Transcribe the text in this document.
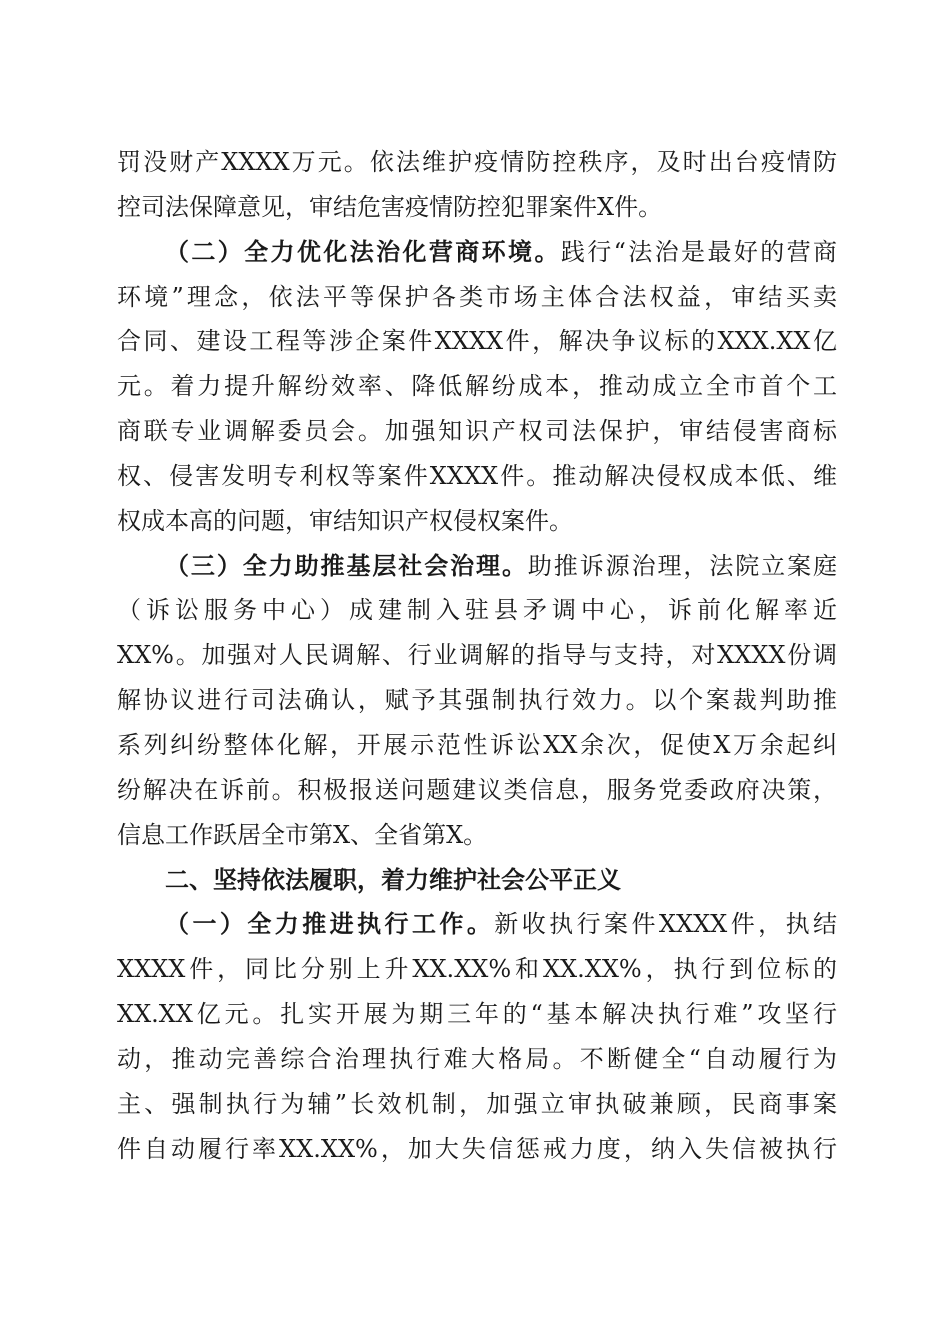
罚没财产XXXX万元。依法维护疫情防控秩序，及时出台疫情防
控司法保障意见，审结危害疫情防控犯罪案件X件。
（二）全力优化法治化营商环境。践行“法治是最好的营商
环境”理念，依法平等保护各类市场主体合法权益，审结买卖
合同、建设工程等涉企案件XXXX件，解决争议标的XXX.XX亿
元。着力提升解纷效率、降低解纷成本，推动成立全市首个工
商联专业调解委员会。加强知识产权司法保护，审结侵害商标
权、侵害发明专利权等案件XXXX件。推动解决侵权成本低、维
权成本高的问题，审结知识产权侵权案件。
（三）全力助推基层社会治理。助推诉源治理，法院立案庭
（诉讼服务中心）成建制入驻县矛调中心，诉前化解率近
XX%。加强对人民调解、行业调解的指导与支持，对XXXX份调
解协议进行司法确认，赋予其强制执行效力。以个案裁判助推
系列纠纷整体化解，开展示范性诉讼XX余次，促使X万余起纠
纷解决在诉前。积极报送问题建议类信息，服务党委政府决策，
信息工作跃居全市第X、全省第X。
二、坚持依法履职，着力维护社会公平正义
（一）全力推进执行工作。新收执行案件XXXX件，执结
XXXX件，同比分别上升XX.XX%和XX.XX%，执行到位标的
XX.XX亿元。扎实开展为期三年的“基本解决执行难”攻坚行
动，推动完善综合治理执行难大格局。不断健全“自动履行为
主、强制执行为辅”长效机制，加强立审执破兼顾，民商事案
件自动履行率XX.XX%，加大失信惩戒力度，纳入失信被执行
